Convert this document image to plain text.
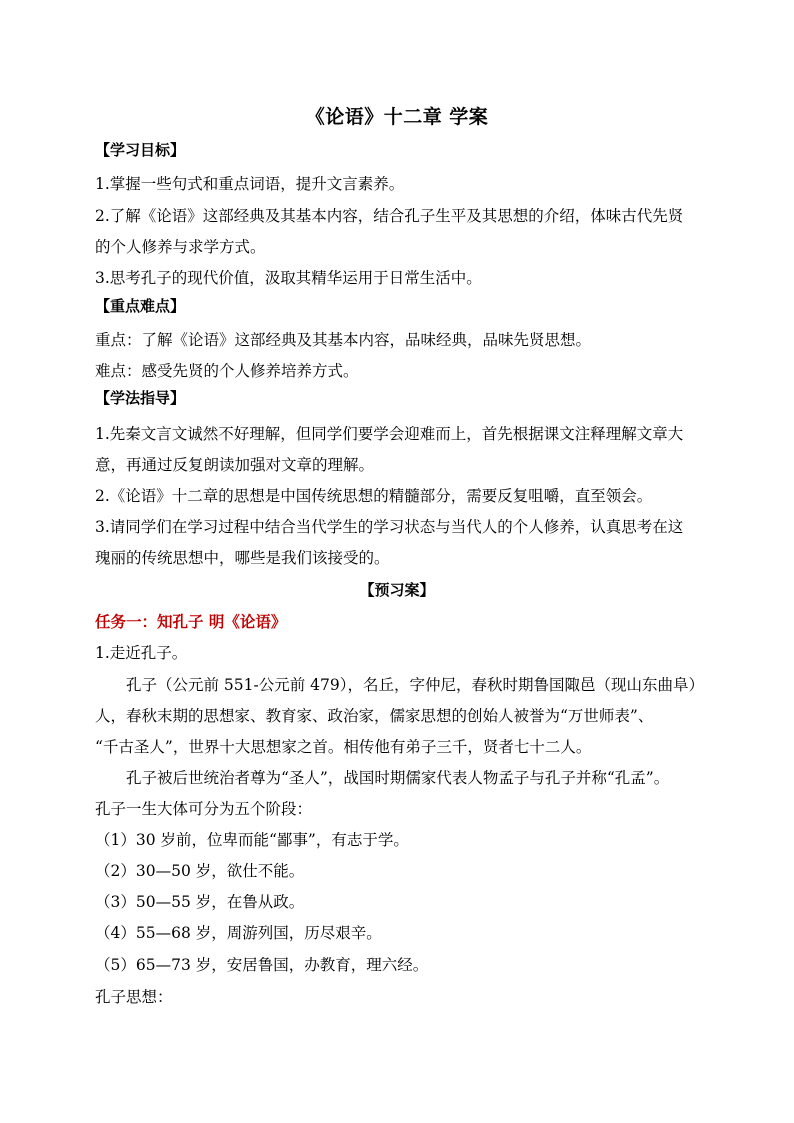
《论语》十二章 学案
【学习目标】
1.掌握一些句式和重点词语，提升文言素养。
2.了解《论语》这部经典及其基本内容，结合孔子生平及其思想的介绍，体味古代先贤
的个人修养与求学方式。
3.思考孔子的现代价值，汲取其精华运用于日常生活中。
【重点难点】
重点：了解《论语》这部经典及其基本内容，品味经典，品味先贤思想。
难点：感受先贤的个人修养培养方式。
【学法指导】
1.先秦文言文诚然不好理解，但同学们要学会迎难而上，首先根据课文注释理解文章大
意，再通过反复朗读加强对文章的理解。
2.《论语》十二章的思想是中国传统思想的精髓部分，需要反复咀嚼，直至领会。
3.请同学们在学习过程中结合当代学生的学习状态与当代人的个人修养，认真思考在这
瑰丽的传统思想中，哪些是我们该接受的。
【预习案】
任务一：知孔子 明《论语》
1.走近孔子。
孔子（公元前 551-公元前 479），名丘，字仲尼，春秋时期鲁国陬邑（现山东曲阜）
人，春秋末期的思想家、教育家、政治家，儒家思想的创始人被誉为“万世师表”、
“千古圣人”，世界十大思想家之首。相传他有弟子三千，贤者七十二人。
孔子被后世统治者尊为“圣人”，战国时期儒家代表人物孟子与孔子并称“孔孟”。
孔子一生大体可分为五个阶段：
（1）30 岁前，位卑而能“鄙事”，有志于学。
（2）30—50 岁，欲仕不能。
（3）50—55 岁，在鲁从政。
（4）55—68 岁，周游列国，历尽艰辛。
（5）65—73 岁，安居鲁国，办教育，理六经。
孔子思想：
